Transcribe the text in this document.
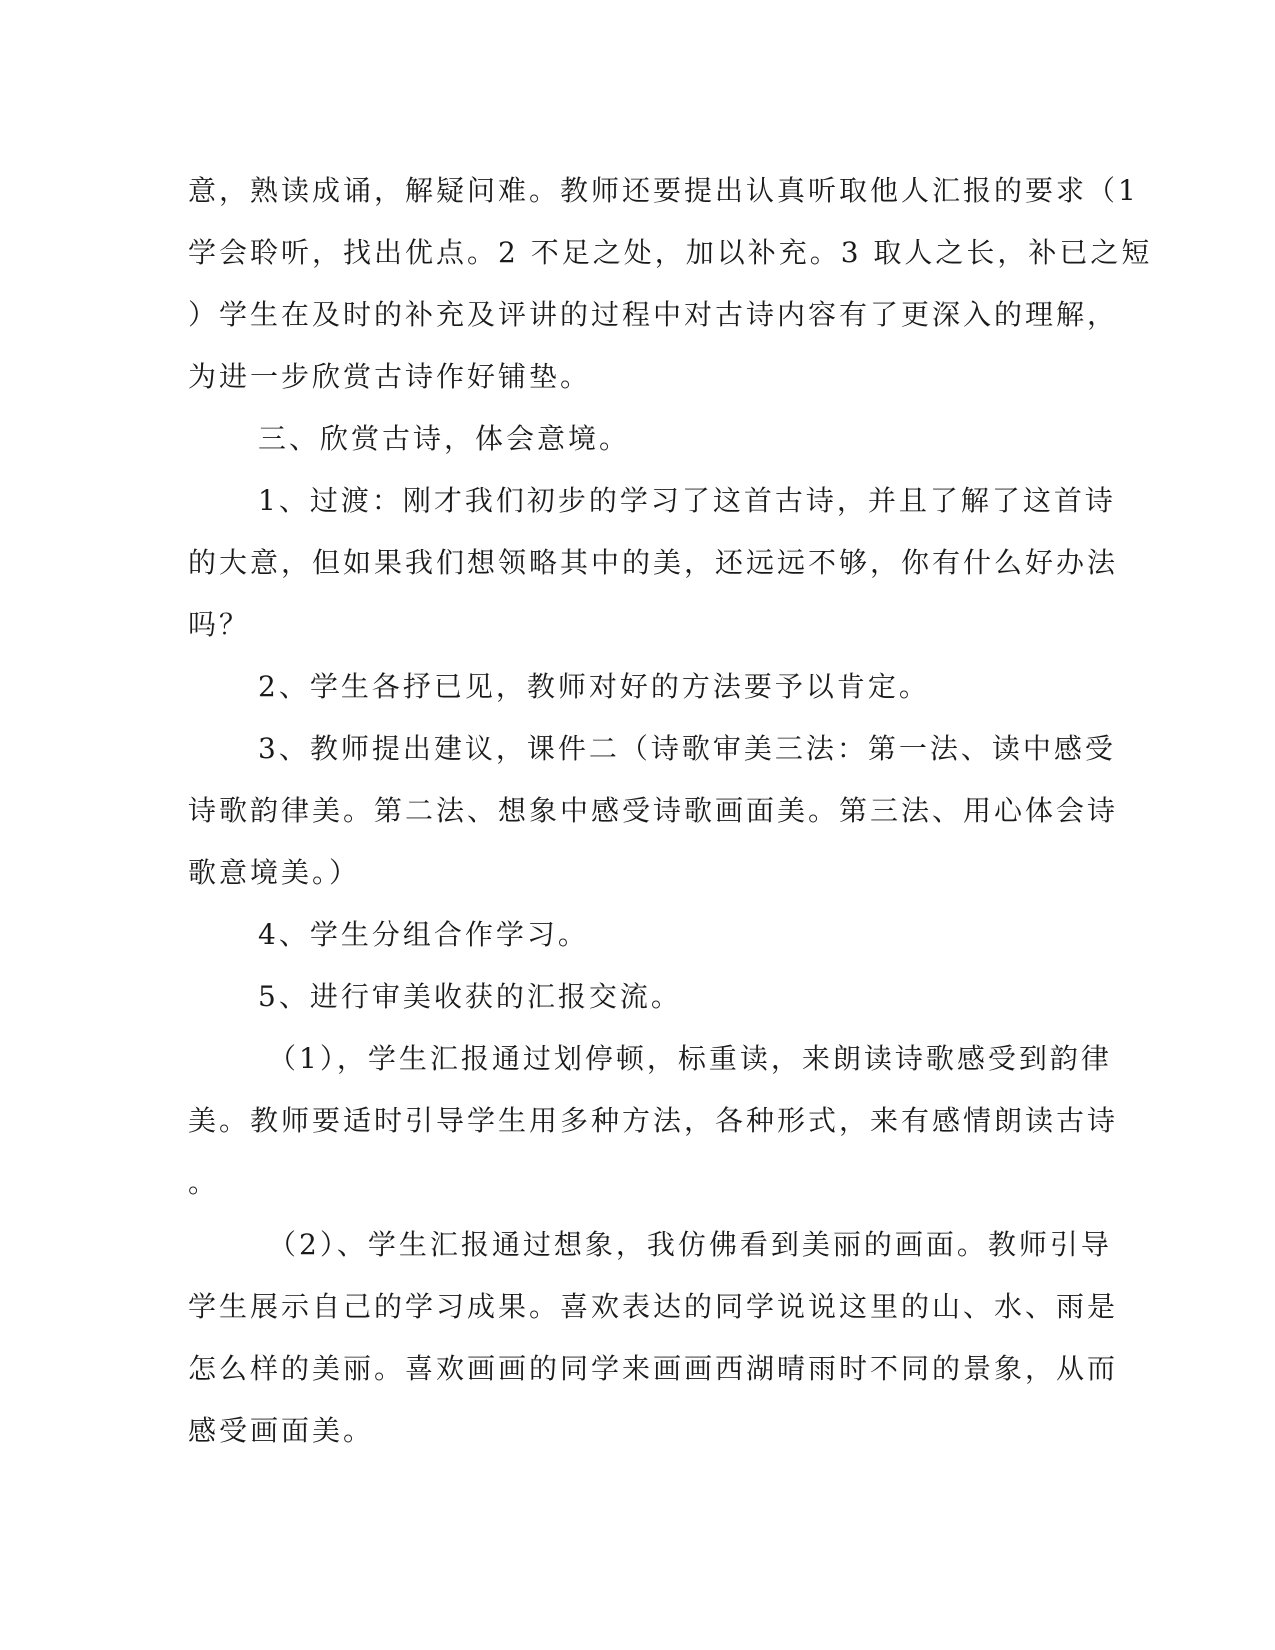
意，熟读成诵，解疑问难。教师还要提出认真听取他人汇报的要求（1
学会聆听，找出优点。2 不足之处，加以补充。3 取人之长，补已之短
）学生在及时的补充及评讲的过程中对古诗内容有了更深入的理解，
为进一步欣赏古诗作好铺垫。
三、欣赏古诗，体会意境。
1、过渡：刚才我们初步的学习了这首古诗，并且了解了这首诗
的大意，但如果我们想领略其中的美，还远远不够，你有什么好办法
吗？
2、学生各抒已见，教师对好的方法要予以肯定。
3、教师提出建议，课件二（诗歌审美三法：第一法、读中感受
诗歌韵律美。第二法、想象中感受诗歌画面美。第三法、用心体会诗
歌意境美。）
4、学生分组合作学习。
5、进行审美收获的汇报交流。
（1），学生汇报通过划停顿，标重读，来朗读诗歌感受到韵律
美。教师要适时引导学生用多种方法，各种形式，来有感情朗读古诗
。
（2）、学生汇报通过想象，我仿佛看到美丽的画面。教师引导
学生展示自己的学习成果。喜欢表达的同学说说这里的山、水、雨是
怎么样的美丽。喜欢画画的同学来画画西湖晴雨时不同的景象，从而
感受画面美。
